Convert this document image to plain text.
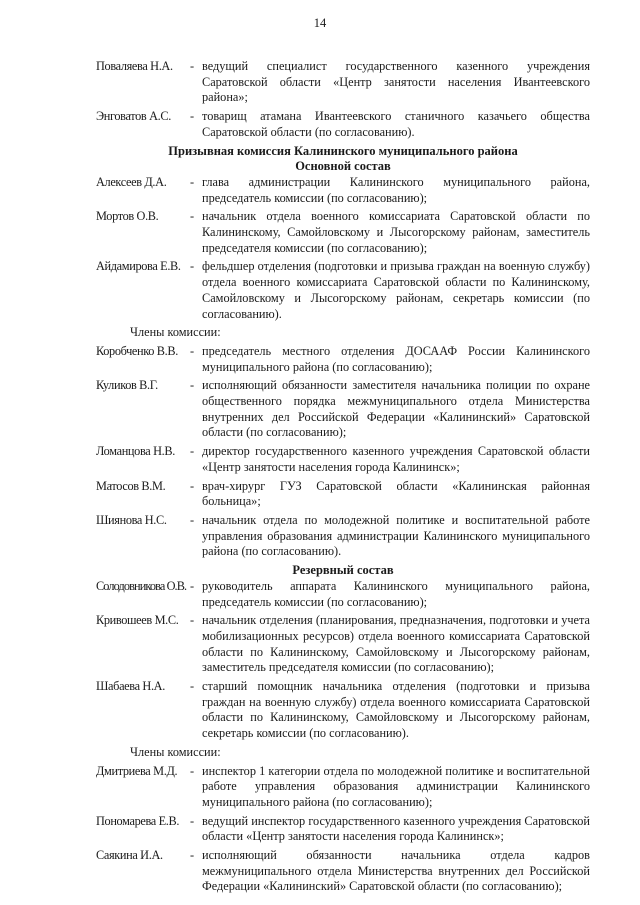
14
Поваляева Н.А.	- ведущий специалист государственного казенного учреждения Саратовской области «Центр занятости населения Ивантеевского района»;
Энговатов А.С.	- товарищ атамана Ивантеевского станичного казачьего общества Саратовской области (по согласованию).
Призывная комиссия Калининского муниципального района
Основной состав
Алексеев Д.А.	- глава администрации Калининского муниципального района, председатель комиссии (по согласованию);
Мортов О.В.	- начальник отдела военного комиссариата Саратовской области по Калининскому, Самойловскому и Лысогорскому районам, заместитель председателя комиссии (по согласованию);
Айдамирова Е.В. - фельдшер отделения (подготовки и призыва граждан на военную службу) отдела военного комиссариата Саратовской области по Калининскому, Самойловскому и Лысогорскому районам, секретарь комиссии (по согласованию).
Члены комиссии:
Коробченко В.В. - председатель местного отделения ДОСААФ России Калининского муниципального района (по согласованию);
Куликов В.Г.	- исполняющий обязанности заместителя начальника полиции по охране общественного порядка межмуниципального отдела Министерства внутренних дел Российской Федерации «Калининский» Саратовской области (по согласованию);
Ломанцова Н.В.	- директор государственного казенного учреждения Саратовской области «Центр занятости населения города Калининск»;
Матосов В.М.	- врач-хирург ГУЗ Саратовской области «Калининская районная больница»;
Шиянова Н.С.	- начальник отдела по молодежной политике и воспитательной работе управления образования администрации Калининского муниципального района (по согласованию).
Резервный состав
Солодовникова О.В. - руководитель аппарата Калининского муниципального района, председатель комиссии (по согласованию);
Кривошеев М.С. - начальник отделения (планирования, предназначения, подготовки и учета мобилизационных ресурсов) отдела военного комиссариата Саратовской области по Калининскому, Самойловскому и Лысогорскому районам, заместитель председателя комиссии (по согласованию);
Шабаева Н.А.	- старший помощник начальника отделения (подготовки и призыва граждан на военную службу) отдела военного комиссариата Саратовской области по Калининскому, Самойловскому и Лысогорскому районам, секретарь комиссии (по согласованию).
Члены комиссии:
Дмитриева М.Д.	- инспектор 1 категории отдела по молодежной политике и воспитательной работе управления образования администрации Калининского муниципального района (по согласованию);
Пономарева Е.В. - ведущий инспектор государственного казенного учреждения Саратовской области «Центр занятости населения города Калининск»;
Саякина И.А.	- исполняющий обязанности начальника отдела кадров межмуниципального отдела Министерства внутренних дел Российской Федерации «Калининский» Саратовской области (по согласованию);
